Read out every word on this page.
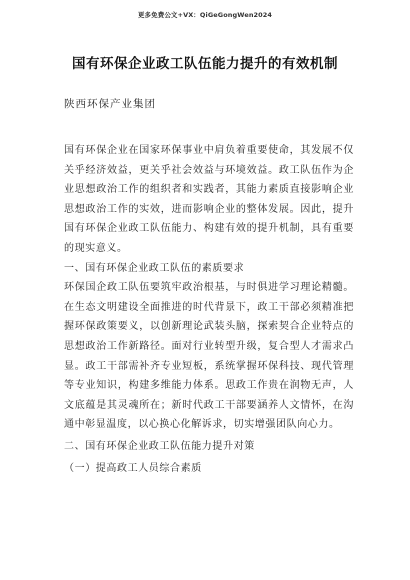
更多免费公文+VX：QiGeGongWen2024
国有环保企业政工队伍能力提升的有效机制
陕西环保产业集团

国有环保企业在国家环保事业中肩负着重要使命，其发展不仅关乎经济效益，更关乎社会效益与环境效益。政工队伍作为企业思想政治工作的组织者和实践者，其能力素质直接影响企业思想政治工作的实效，进而影响企业的整体发展。因此，提升国有环保企业政工队伍能力、构建有效的提升机制，具有重要的现实意义。

一、国有环保企业政工队伍的素质要求

环保国企政工队伍要筑牢政治根基，与时俱进学习理论精髓。在生态文明建设全面推进的时代背景下，政工干部必须精准把握环保政策要义，以创新理论武装头脑，探索契合企业特点的思想政治工作新路径。面对行业转型升级，复合型人才需求凸显。政工干部需补齐专业短板，系统掌握环保科技、现代管理等专业知识，构建多维能力体系。思政工作贵在润物无声，人文底蕴是其灵魂所在；新时代政工干部要涵养人文情怀，在沟通中彰显温度，以心换心化解诉求，切实增强团队向心力。

二、国有环保企业政工队伍能力提升对策

（一）提高政工人员综合素质
